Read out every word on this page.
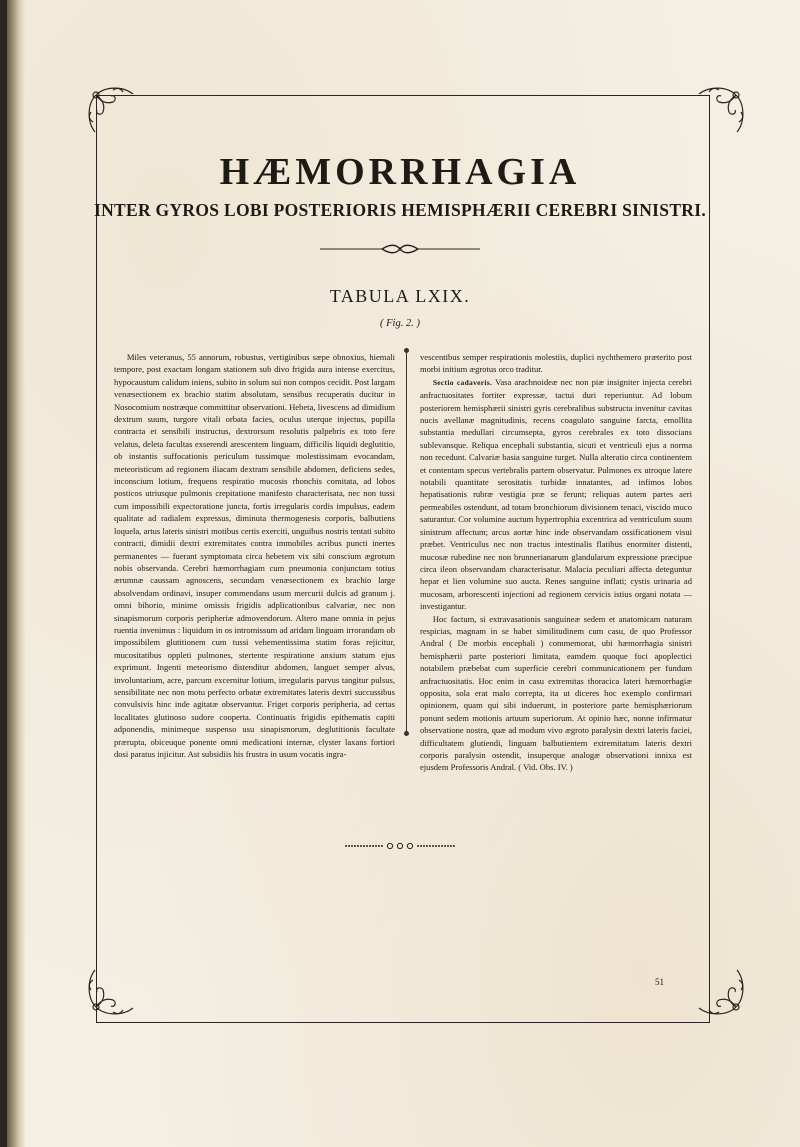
HÆMORRHAGIA
INTER GYROS LOBI POSTERIORIS HEMISPHÆRII CEREBRI SINISTRI.
TABULA LXIX.
( Fig. 2. )

Miles veteranus, 55 annorum, robustus, vertiginibus sæpe obnoxius, hiemali tempore, post exactam longam stationem sub divo frigida aura intense exercitus, hypocaustum calidum iniens, subito in solum sui non compos cecidit. Post largam venæsectionem ex brachio statim absolutam, sensibus recuperatis ducitur in Nosocomium nostræque committitur observationi. Hebeta, livescens ad dimidium dextrum suum, turgore vitali orbata facies, oculus uterque injectus, pupilla contracta et sensibili instructus, dextrorsum resolutis palpebris ex toto fere velatus, deleta facultas exserendi arescentem linguam, difficilis liquidi deglutitio, ob instantis suffocationis periculum tussimque molestissimam evocandam, meteoristicum ad regionem iliacam dextram sensibile abdomen, deficiens sedes, inconscium lotium, frequens respiratio mucosis rhonchis comitata, ad lobos posticos utriusque pulmonis crepitatione manifesto characterisata, nec non tussi cum impossibili expectoratione juncta, fortis irregularis cordis impulsus, eadem qualitate ad radialem expressus, diminuta thermogenesis corporis, balbutiens loquela, artus lateris sinistri motibus certis exerciti, unguibus nostris tentati subito contracti, dimidii dextri extremitates contra immobiles acribus puncti inertes permanentes — fuerant symptomata circa hebetem vix sibi conscium ægrotum nobis observanda. Cerebri hæmorrhagiam cum pneumonia conjunctam totius ærumnæ caussam agnoscens, secundam venæsectionem ex brachio large absolvendam ordinavi, insuper commendans usum mercurii dulcis ad granum j. omni bihorio, minime omissis frigidis adplicationibus calvariæ, nec non sinapismorum corporis peripheriæ admovendorum. Altero mane omnia in pejus ruentia invenimus : liquidum in os intromissum ad aridam linguam irrorandam ob impossibilem glutitionem cum tussi vehementissima statim foras rejicitur, mucositatibus oppleti pulmones, stertente respiratione anxium statum ejus exprimunt. Ingenti meteorismo distenditur abdomen, languet semper alvus, involuntarium, acre, parcum excernitur lotium, irregularis parvus tangitur pulsus, sensibilitate nec non motu perfecto orbatæ extremitates lateris dextri succussibus convulsivis hinc inde agitatæ observantur. Friget corporis peripheria, ad certas localitates glutinoso sudore cooperta. Continuatis frigidis epithematis capiti adponendis, minimeque suspenso usu sinapismorum, deglutitionis facultate prærupta, obiceuque ponente omni medicationi internæ, clyster laxans fortiori dosi paratus injicitur. Ast subsidiis his frustra in usum vocatis ingra-

vescentibus semper respirationis molestiis, duplici nychthemero præterito post morbi initium ægrotus orco traditur.

Sectio cadaveris. Vasa arachnoideæ nec non piæ insigniter injecta cerebri anfractuositates fortiter expressæ, tactui duri reperiuntur. Ad lobum posteriorem hemisphærii sinistri gyris cerebralibus substructa invenitur cavitas nucis avellanæ magnitudinis, recens coagulato sanguine farcta, emollita substantia medullari circumsepta, gyros cerebrales ex toto dissocians sublevansque. Reliqua encephali substantia, sicuti et ventriculi ejus a norma non recedunt. Calvariæ basia sanguine turget. Nulla alteratio circa continentem et contentam specus vertebralis partem observatur. Pulmones ex utroque latere notabili quantitate serositatis turbidæ innatantes, ad infimos lobos hepatisationis rubræ vestigia præ se ferunt; reliquas autem partes aeri permeabiles ostendunt, ad totam bronchiorum divisionem tenaci, viscido muco saturantur. Cor volumine auctum hypertrophia excentrica ad ventriculum suum sinistrum affectum; arcus aortæ hinc inde observandam ossificationem visui præbet. Ventriculus nec non tractus intestinalis flatibus enormiter distenti, mucosæ rubedine nec non brunnerianarum glandularum expressione præcipue circa ileon observandam characterisatur. Malacia peculiari affecta deteguntur hepar et lien volumine suo aucta. Renes sanguine inflati; cystis urinaria ad mucosam, arborescenti injectioni ad regionem cervicis istius organi notata — investigantur.

Hoc factum, si extravasationis sanguineæ sedem et anatomicam naturam respicias, magnam in se habet similitudinem cum casu, de quo Professor Andral ( De morbis encephali ) commemorat, ubi hæmorrhagia sinistri hemisphærii parte posteriori limitata, eamdem quoque foci apoplectici notabilem præbebat cum superficie cerebri communicationem per fundum anfractuositatis. Hoc enim in casu extremitas thoracica lateri hæmorrhagiæ opposita, sola erat malo correpta, ita ut diceres hoc exemplo confirmari opinionem, quam qui sibi induerunt, in posteriore parte hemisphæriorum ponunt sedem motionis artuum superiorum. At opinio hæc, nonne infirmatur observatione nostra, quæ ad modum vivo ægroto paralysin dextri lateris faciei, difficultatem glutiendi, linguam balbutientem extremitatum lateris dextri corporis paralysin ostendit, insuperque analogæ observationi innixa est ejusdem Professoris Andral. ( Vid. Obs. IV. )

51
